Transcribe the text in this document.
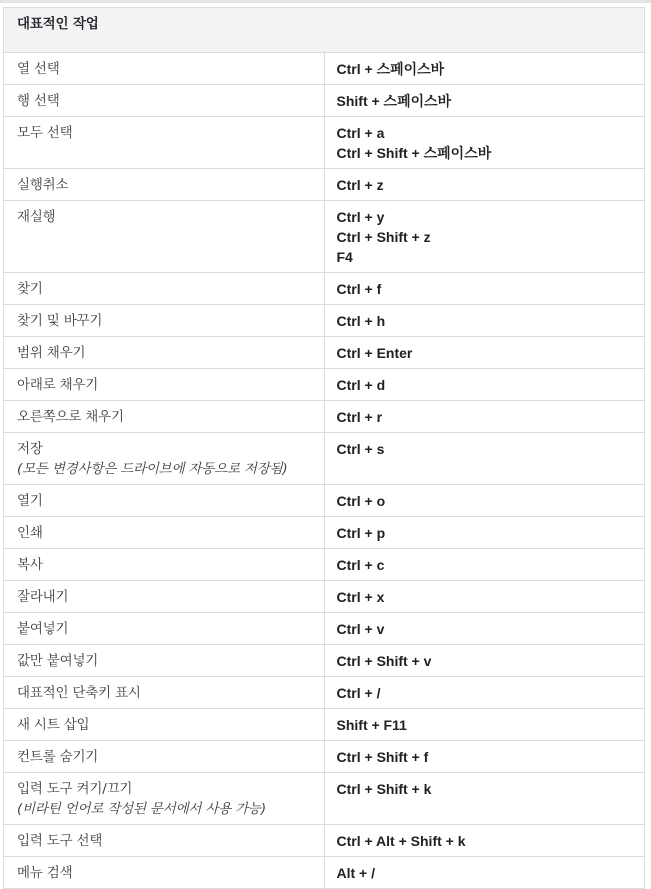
대표적인 작업	

열 선택	Ctrl + 스페이스바

행 선택	Shift + 스페이스바

모두 선택	Ctrl + a
Ctrl + Shift + 스페이스바

실행취소	Ctrl + z

재실행	Ctrl + y
Ctrl + Shift + z
F4

찾기	Ctrl + f

찾기 및 바꾸기	Ctrl + h

범위 채우기	Ctrl + Enter

아래로 채우기	Ctrl + d

오른쪽으로 채우기	Ctrl + r

저장
(모든 변경사항은 드라이브에 자동으로 저장됨)	Ctrl + s

열기	Ctrl + o

인쇄	Ctrl + p

복사	Ctrl + c

잘라내기	Ctrl + x

붙여넣기	Ctrl + v

값만 붙여넣기	Ctrl + Shift + v

대표적인 단축키 표시	Ctrl + /

새 시트 삽입	Shift + F11

컨트롤 숨기기	Ctrl + Shift + f

입력 도구 켜기/끄기
(비라틴 언어로 작성된 문서에서 사용 가능)	Ctrl + Shift + k

입력 도구 선택	Ctrl + Alt + Shift + k

메뉴 검색	Alt + /
